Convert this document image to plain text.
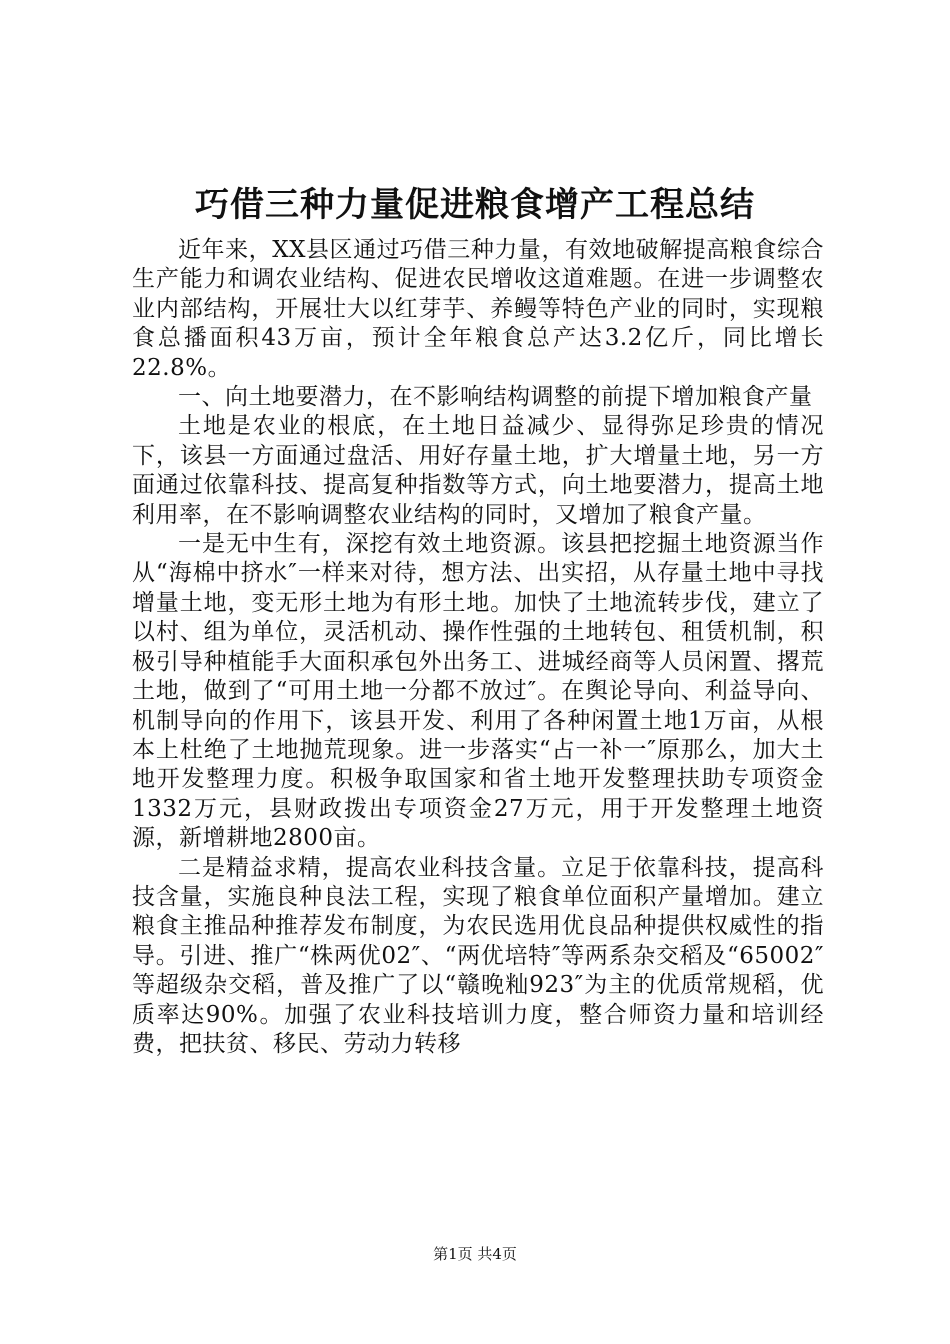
巧借三种力量促进粮食增产工程总结

近年来，XX县区通过巧借三种力量，有效地破解提高粮食综合生产能力和调农业结构、促进农民增收这道难题。在进一步调整农业内部结构，开展壮大以红芽芋、养鳗等特色产业的同时，实现粮食总播面积43万亩，预计全年粮食总产达3.2亿斤，同比增长22.8%。

一、向土地要潜力，在不影响结构调整的前提下增加粮食产量

土地是农业的根底，在土地日益减少、显得弥足珍贵的情况下，该县一方面通过盘活、用好存量土地，扩大增量土地，另一方面通过依靠科技、提高复种指数等方式，向土地要潜力，提高土地利用率，在不影响调整农业结构的同时，又增加了粮食产量。

一是无中生有，深挖有效土地资源。该县把挖掘土地资源当作从“海棉中挤水″一样来对待，想方法、出实招，从存量土地中寻找增量土地，变无形土地为有形土地。加快了土地流转步伐，建立了以村、组为单位，灵活机动、操作性强的土地转包、租赁机制，积极引导种植能手大面积承包外出务工、进城经商等人员闲置、撂荒土地，做到了“可用土地一分都不放过″。在舆论导向、利益导向、机制导向的作用下，该县开发、利用了各种闲置土地1万亩，从根本上杜绝了土地抛荒现象。进一步落实“占一补一″原那么，加大土地开发整理力度。积极争取国家和省土地开发整理扶助专项资金1332万元，县财政拨出专项资金27万元，用于开发整理土地资源，新增耕地2800亩。

二是精益求精，提高农业科技含量。立足于依靠科技，提高科技含量，实施良种良法工程，实现了粮食单位面积产量增加。建立粮食主推品种推荐发布制度，为农民选用优良品种提供权威性的指导。引进、推广“株两优02″、“两优培特″等两系杂交稻及“65002″等超级杂交稻，普及推广了以“赣晚籼923″为主的优质常规稻，优质率达90%。加强了农业科技培训力度，整合师资力量和培训经费，把扶贫、移民、劳动力转移

第1页 共4页
